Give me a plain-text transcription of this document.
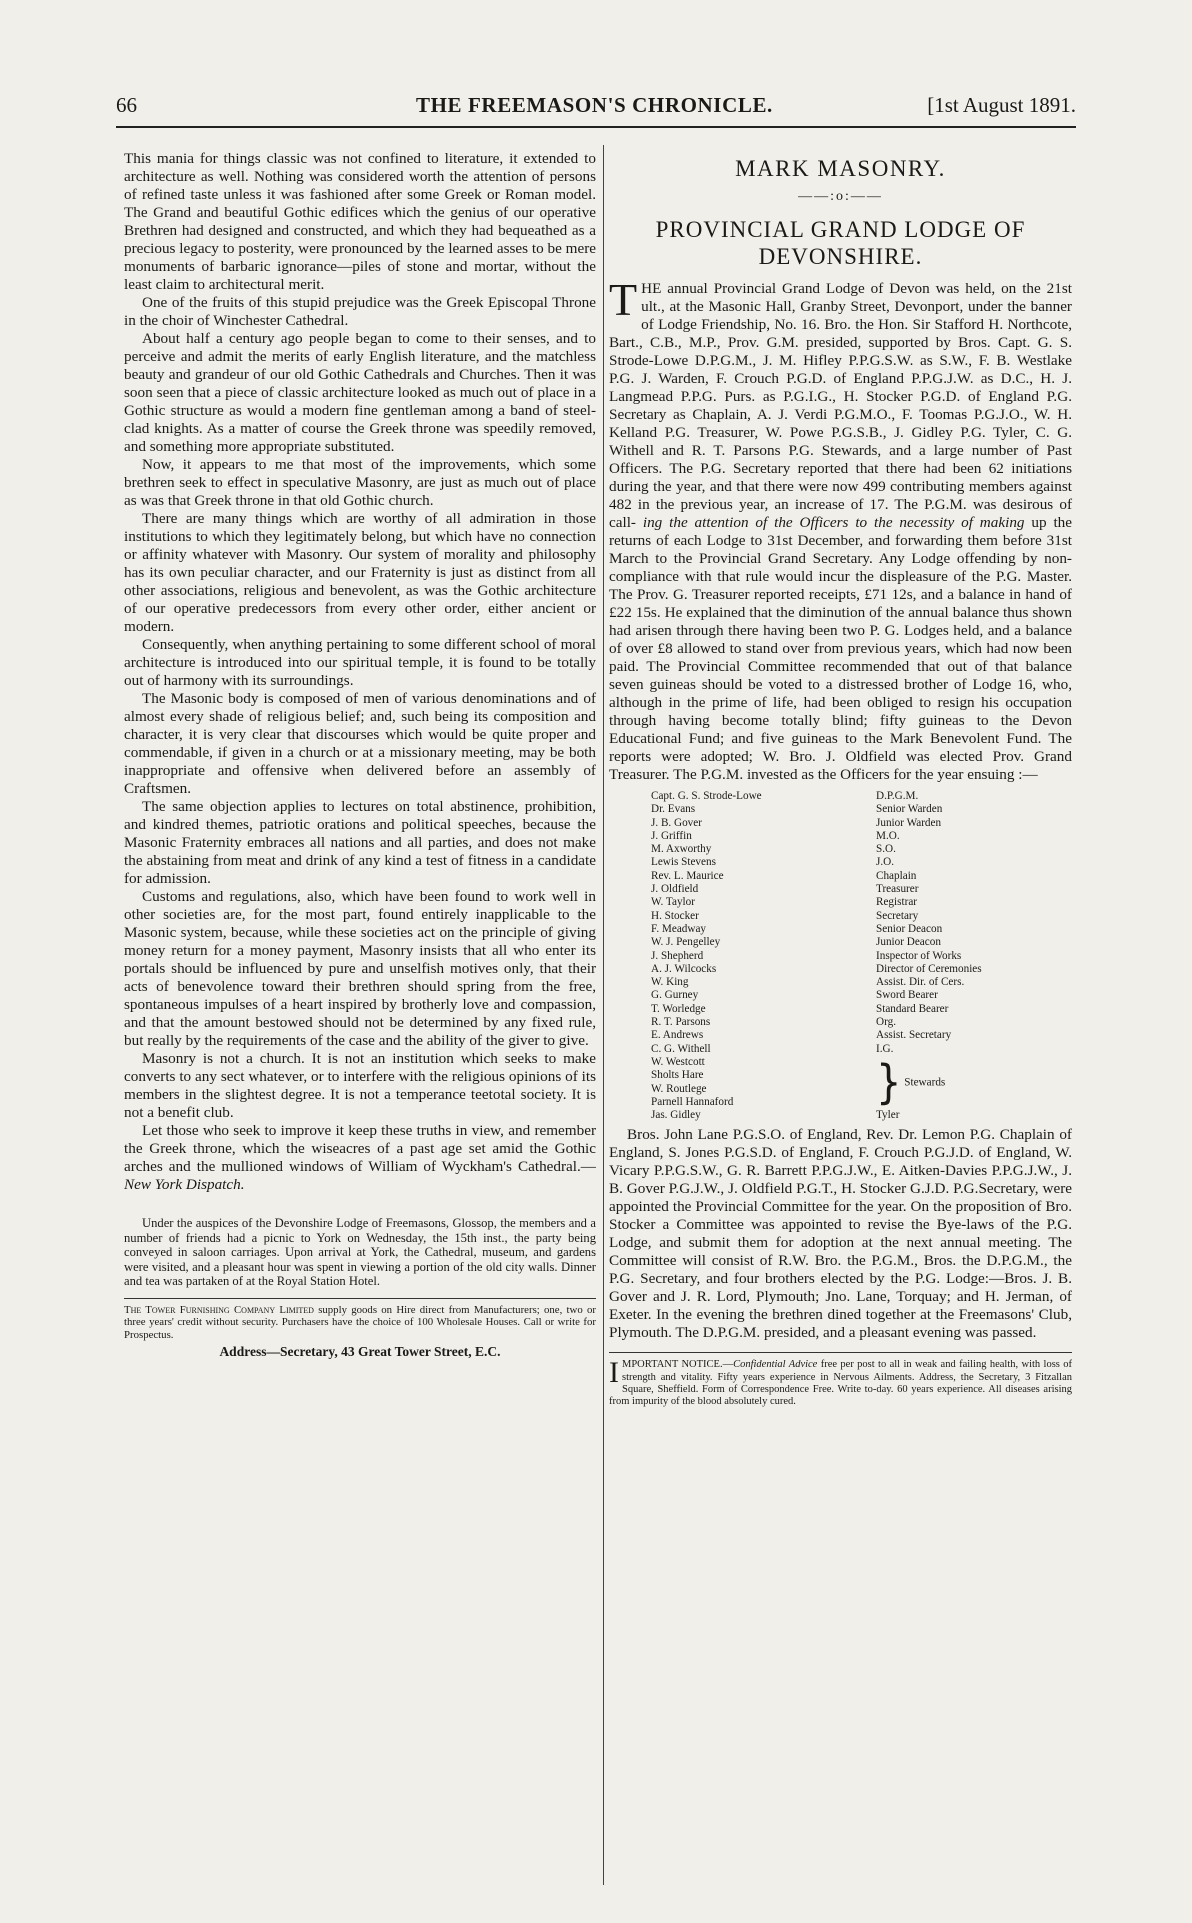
66	THE FREEMASON'S CHRONICLE.	[1st August 1891.

This mania for things classic was not confined to literature, it extended to architecture as well. Nothing was considered worth the attention of persons of refined taste unless it was fashioned after some Greek or Roman model. The Grand and beautiful Gothic edifices which the genius of our operative Brethren had designed and constructed, and which they had bequeathed as a precious legacy to posterity, were pronounced by the learned asses to be mere monuments of barbaric ignorance—piles of stone and mortar, without the least claim to architectural merit.

One of the fruits of this stupid prejudice was the Greek Episcopal Throne in the choir of Winchester Cathedral.

About half a century ago people began to come to their senses, and to perceive and admit the merits of early English literature, and the matchless beauty and grandeur of our old Gothic Cathedrals and Churches. Then it was soon seen that a piece of classic architecture looked as much out of place in a Gothic structure as would a modern fine gentleman among a band of steel-clad knights. As a matter of course the Greek throne was speedily removed, and something more appropriate substituted.

Now, it appears to me that most of the improvements, which some brethren seek to effect in speculative Masonry, are just as much out of place as was that Greek throne in that old Gothic church.

There are many things which are worthy of all admiration in those institutions to which they legitimately belong, but which have no connection or affinity whatever with Masonry. Our system of morality and philosophy has its own peculiar character, and our Fraternity is just as distinct from all other associations, religious and benevolent, as was the Gothic architecture of our operative predecessors from every other order, either ancient or modern.

Consequently, when anything pertaining to some different school of moral architecture is introduced into our spiritual temple, it is found to be totally out of harmony with its surroundings.

The Masonic body is composed of men of various denominations and of almost every shade of religious belief; and, such being its composition and character, it is very clear that discourses which would be quite proper and commendable, if given in a church or at a missionary meeting, may be both inappropriate and offensive when delivered before an assembly of Craftsmen.

The same objection applies to lectures on total abstinence, prohibition, and kindred themes, patriotic orations and political speeches, because the Masonic Fraternity embraces all nations and all parties, and does not make the abstaining from meat and drink of any kind a test of fitness in a candidate for admission.

Customs and regulations, also, which have been found to work well in other societies are, for the most part, found entirely inapplicable to the Masonic system, because, while these societies act on the principle of giving money return for a money payment, Masonry insists that all who enter its portals should be influenced by pure and unselfish motives only, that their acts of benevolence toward their brethren should spring from the free, spontaneous impulses of a heart inspired by brotherly love and compassion, and that the amount bestowed should not be determined by any fixed rule, but really by the requirements of the case and the ability of the giver to give.

Masonry is not a church. It is not an institution which seeks to make converts to any sect whatever, or to interfere with the religious opinions of its members in the slightest degree. It is not a temperance teetotal society. It is not a benefit club.

Let those who seek to improve it keep these truths in view, and remember the Greek throne, which the wiseacres of a past age set amid the Gothic arches and the mullioned windows of William of Wyckham's Cathedral.—New York Dispatch.

Under the auspices of the Devonshire Lodge of Freemasons, Glossop, the members and a number of friends had a picnic to York on Wednesday, the 15th inst., the party being conveyed in saloon carriages. Upon arrival at York, the Cathedral, museum, and gardens were visited, and a pleasant hour was spent in viewing a portion of the old city walls. Dinner and tea was partaken of at the Royal Station Hotel.

The Tower Furnishing Company Limited supply goods on Hire direct from Manufacturers; one, two or three years' credit without security. Purchasers have the choice of 100 Wholesale Houses. Call or write for Prospectus.

Address—Secretary, 43 Great Tower Street, E.C.
MARK MASONRY.
——:o:——
PROVINCIAL GRAND LODGE OF DEVONSHIRE.

THE annual Provincial Grand Lodge of Devon was held, on the 21st ult., at the Masonic Hall, Granby Street, Devonport, under the banner of Lodge Friendship, No. 16. Bro. the Hon. Sir Stafford H. Northcote, Bart., C.B., M.P., Prov. G.M. presided, supported by Bros. Capt. G. S. Strode-Lowe D.P.G.M., J. M. Hifley P.P.G.S.W. as S.W., F. B. Westlake P.G. J. Warden, F. Crouch P.G.D. of England P.P.G.J.W. as D.C., H. J. Langmead P.P.G. Purs. as P.G.I.G., H. Stocker P.G.D. of England P.G. Secretary as Chaplain, A. J. Verdi P.G.M.O., F. Toomas P.G.J.O., W. H. Kelland P.G. Treasurer, W. Powe P.G.S.B., J. Gidley P.G. Tyler, C. G. Withell and R. T. Parsons P.G. Stewards, and a large number of Past Officers. The P.G. Secretary reported that there had been 62 initiations during the year, and that there were now 499 contributing members against 482 in the previous year, an increase of 17. The P.G.M. was desirous of call- ing the attention of the Officers to the necessity of making up the returns of each Lodge to 31st December, and forwarding them before 31st March to the Provincial Grand Secretary. Any Lodge offending by non-compliance with that rule would incur the displeasure of the P.G. Master. The Prov. G. Treasurer reported receipts, £71 12s, and a balance in hand of £22 15s. He explained that the diminution of the annual balance thus shown had arisen through there having been two P. G. Lodges held, and a balance of over £8 allowed to stand over from previous years, which had now been paid. The Provincial Committee recommended that out of that balance seven guineas should be voted to a distressed brother of Lodge 16, who, although in the prime of life, had been obliged to resign his occupation through having become totally blind; fifty guineas to the Devon Educational Fund; and five guineas to the Mark Benevolent Fund. The reports were adopted; W. Bro. J. Oldfield was elected Prov. Grand Treasurer. The P.G.M. invested as the Officers for the year ensuing :—

Capt. G. S. Strode-Lowe	D.P.G.M.
Dr. Evans	Senior Warden
J. B. Gover	Junior Warden
J. Griffin	M.O.
M. Axworthy	S.O.
Lewis Stevens	J.O.
Rev. L. Maurice	Chaplain
J. Oldfield	Treasurer
W. Taylor	Registrar
H. Stocker	Secretary
F. Meadway	Senior Deacon
W. J. Pengelley	Junior Deacon
J. Shepherd	Inspector of Works
A. J. Wilcocks	Director of Ceremonies
W. King	Assist. Dir. of Cers.
G. Gurney	Sword Bearer
T. Worledge	Standard Bearer
R. T. Parsons	Org.
E. Andrews	Assist. Secretary
C. G. Withell	I.G.
W. Westcott	} Stewards
Sholts Hare	
W. Routlege	
Parnell Hannaford	
Jas. Gidley	Tyler

Bros. John Lane P.G.S.O. of England, Rev. Dr. Lemon P.G. Chaplain of England, S. Jones P.G.S.D. of England, F. Crouch P.G.J.D. of England, W. Vicary P.P.G.S.W., G. R. Barrett P.P.G.J.W., E. Aitken-Davies P.P.G.J.W., J. B. Gover P.G.J.W., J. Oldfield P.G.T., H. Stocker G.J.D. P.G.Secretary, were appointed the Provincial Committee for the year. On the proposition of Bro. Stocker a Committee was appointed to revise the Bye-laws of the P.G. Lodge, and submit them for adoption at the next annual meeting. The Committee will consist of R.W. Bro. the P.G.M., Bros. the D.P.G.M., the P.G. Secretary, and four brothers elected by the P.G. Lodge:—Bros. J. B. Gover and J. R. Lord, Plymouth; Jno. Lane, Torquay; and H. Jerman, of Exeter. In the evening the brethren dined together at the Freemasons' Club, Plymouth. The D.P.G.M. presided, and a pleasant evening was passed.

IMPORTANT NOTICE.—Confidential Advice free per post to all in weak and failing health, with loss of strength and vitality. Fifty years experience in Nervous Ailments. Address, the Secretary, 3 Fitzallan Square, Sheffield. Form of Correspondence Free. Write to-day. 60 years experience. All diseases arising from impurity of the blood absolutely cured.
